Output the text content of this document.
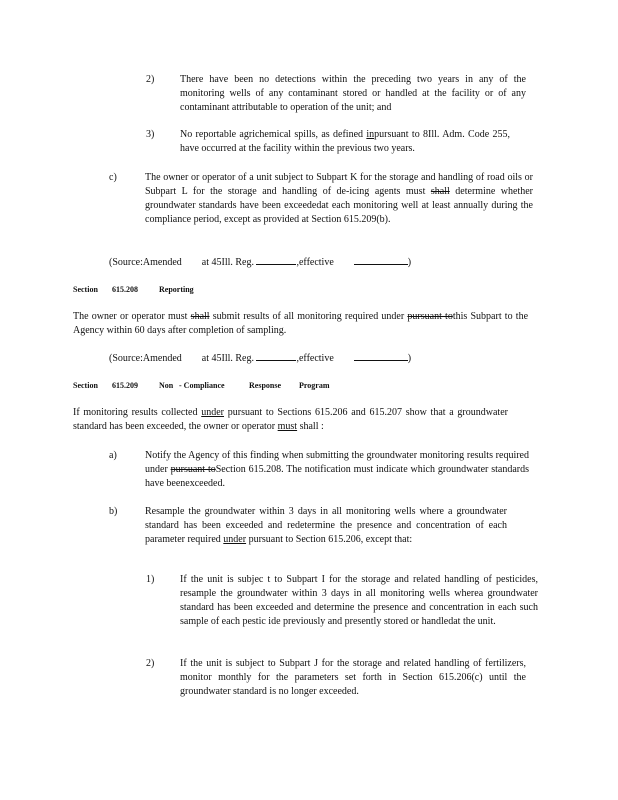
2)	There have been no detections within the preceding two years in any of the monitoring wells of any contaminant stored or handled at the facility or of any contaminant attributable to operation of the unit; and
3)	No reportable agrichemical spills, as defined inpursuant to 8Ill. Adm. Code 255, have occurred at the facility within the previous two years.
c)	The owner or operator of a unit subject to Subpart K for the storage and handling of road oils or Subpart L for the storage and handling of de-icing agents must shall determine whether groundwater standards have been exceededat each monitoring well at least annually during the compliance period, except as provided at Section 615.209(b).
(Source:Amended at 45Ill. Reg.	,effective	)
Section 615.208	Reporting
The owner or operator must shall submit results of all monitoring required under pursuant tothis Subpart to the Agency within 60 days after completion of sampling.
(Source:Amended at 45Ill. Reg.	,effective	)
Section 615.209	Non - Compliance	Response Program
If monitoring results collected under pursuant to Sections 615.206 and 615.207 show that a groundwater standard has been exceeded, the owner or operator must shall :
a)	Notify the Agency of this finding when submitting the groundwater monitoring results required under pursuant toSection 615.208. The notification must indicate which groundwater standards have beenexceeded.
b)	Resample the groundwater within 3 days in all monitoring wells where a groundwater standard has been exceeded and redetermine the presence and concentration of each parameter required under pursuant to Section 615.206, except that:
1)	If the unit is subjec t to Subpart I for the storage and related handling of pesticides, resample the groundwater within 3 days in all monitoring wells wherea groundwater standard has been exceeded and determine the presence and concentration in each such sample of each pestic ide previously and presently stored or handledat the unit.
2)	If the unit is subject to Subpart J for the storage and related handling of fertilizers, monitor monthly for the parameters set forth in Section 615.206(c) until the groundwater standard is no longer exceeded.
